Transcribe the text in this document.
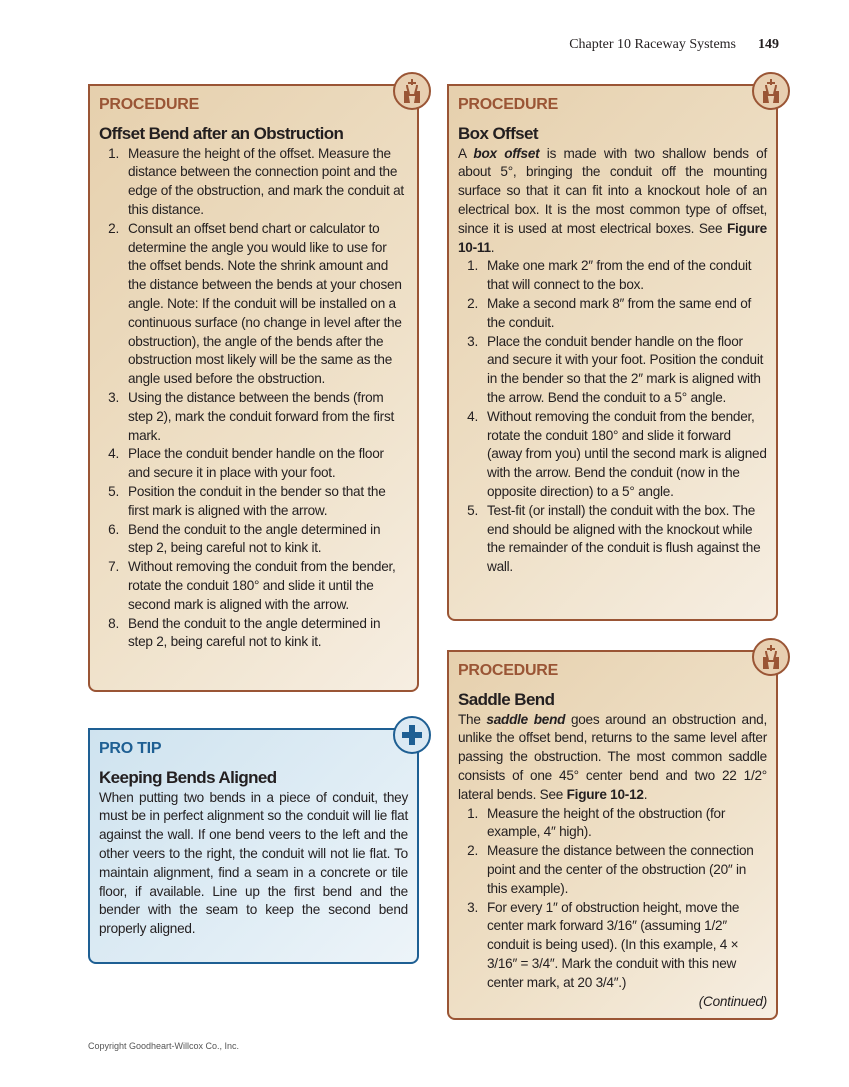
Chapter 10 Raceway Systems 149
PROCEDURE
Offset Bend after an Obstruction
1. Measure the height of the offset. Measure the distance between the connection point and the edge of the obstruction, and mark the conduit at this distance.
2. Consult an offset bend chart or calculator to determine the angle you would like to use for the offset bends. Note the shrink amount and the distance between the bends at your chosen angle. Note: If the conduit will be installed on a continuous surface (no change in level after the obstruction), the angle of the bends after the obstruction most likely will be the same as the angle used before the obstruction.
3. Using the distance between the bends (from step 2), mark the conduit forward from the first mark.
4. Place the conduit bender handle on the floor and secure it in place with your foot.
5. Position the conduit in the bender so that the first mark is aligned with the arrow.
6. Bend the conduit to the angle determined in step 2, being careful not to kink it.
7. Without removing the conduit from the bender, rotate the conduit 180° and slide it until the second mark is aligned with the arrow.
8. Bend the conduit to the angle determined in step 2, being careful not to kink it.
PRO TIP
Keeping Bends Aligned

When putting two bends in a piece of conduit, they must be in perfect alignment so the conduit will lie flat against the wall. If one bend veers to the left and the other veers to the right, the conduit will not lie flat. To maintain alignment, find a seam in a concrete or tile floor, if available. Line up the first bend and the bender with the seam to keep the second bend properly aligned.

PROCEDURE
Box Offset

A box offset is made with two shallow bends of about 5°, bringing the conduit off the mounting surface so that it can fit into a knockout hole of an electrical box. It is the most common type of offset, since it is used at most electrical boxes. See Figure 10-11.

1. Make one mark 2″ from the end of the conduit that will connect to the box.
2. Make a second mark 8″ from the same end of the conduit.
3. Place the conduit bender handle on the floor and secure it with your foot. Position the conduit in the bender so that the 2″ mark is aligned with the arrow. Bend the conduit to a 5° angle.
4. Without removing the conduit from the bender, rotate the conduit 180° and slide it forward (away from you) until the second mark is aligned with the arrow. Bend the conduit (now in the opposite direction) to a 5° angle.
5. Test-fit (or install) the conduit with the box. The end should be aligned with the knockout while the remainder of the conduit is flush against the wall.
PROCEDURE
Saddle Bend

The saddle bend goes around an obstruction and, unlike the offset bend, returns to the same level after passing the obstruction. The most common saddle consists of one 45° center bend and two 22 1/2° lateral bends. See Figure 10-12.

1. Measure the height of the obstruction (for example, 4″ high).
2. Measure the distance between the connection point and the center of the obstruction (20″ in this example).
3. For every 1″ of obstruction height, move the center mark forward 3/16″ (assuming 1/2″ conduit is being used). (In this example, 4 × 3/16″ = 3/4″. Mark the conduit with this new center mark, at 20 3/4″.)
(Continued)
Copyright Goodheart-Willcox Co., Inc.
